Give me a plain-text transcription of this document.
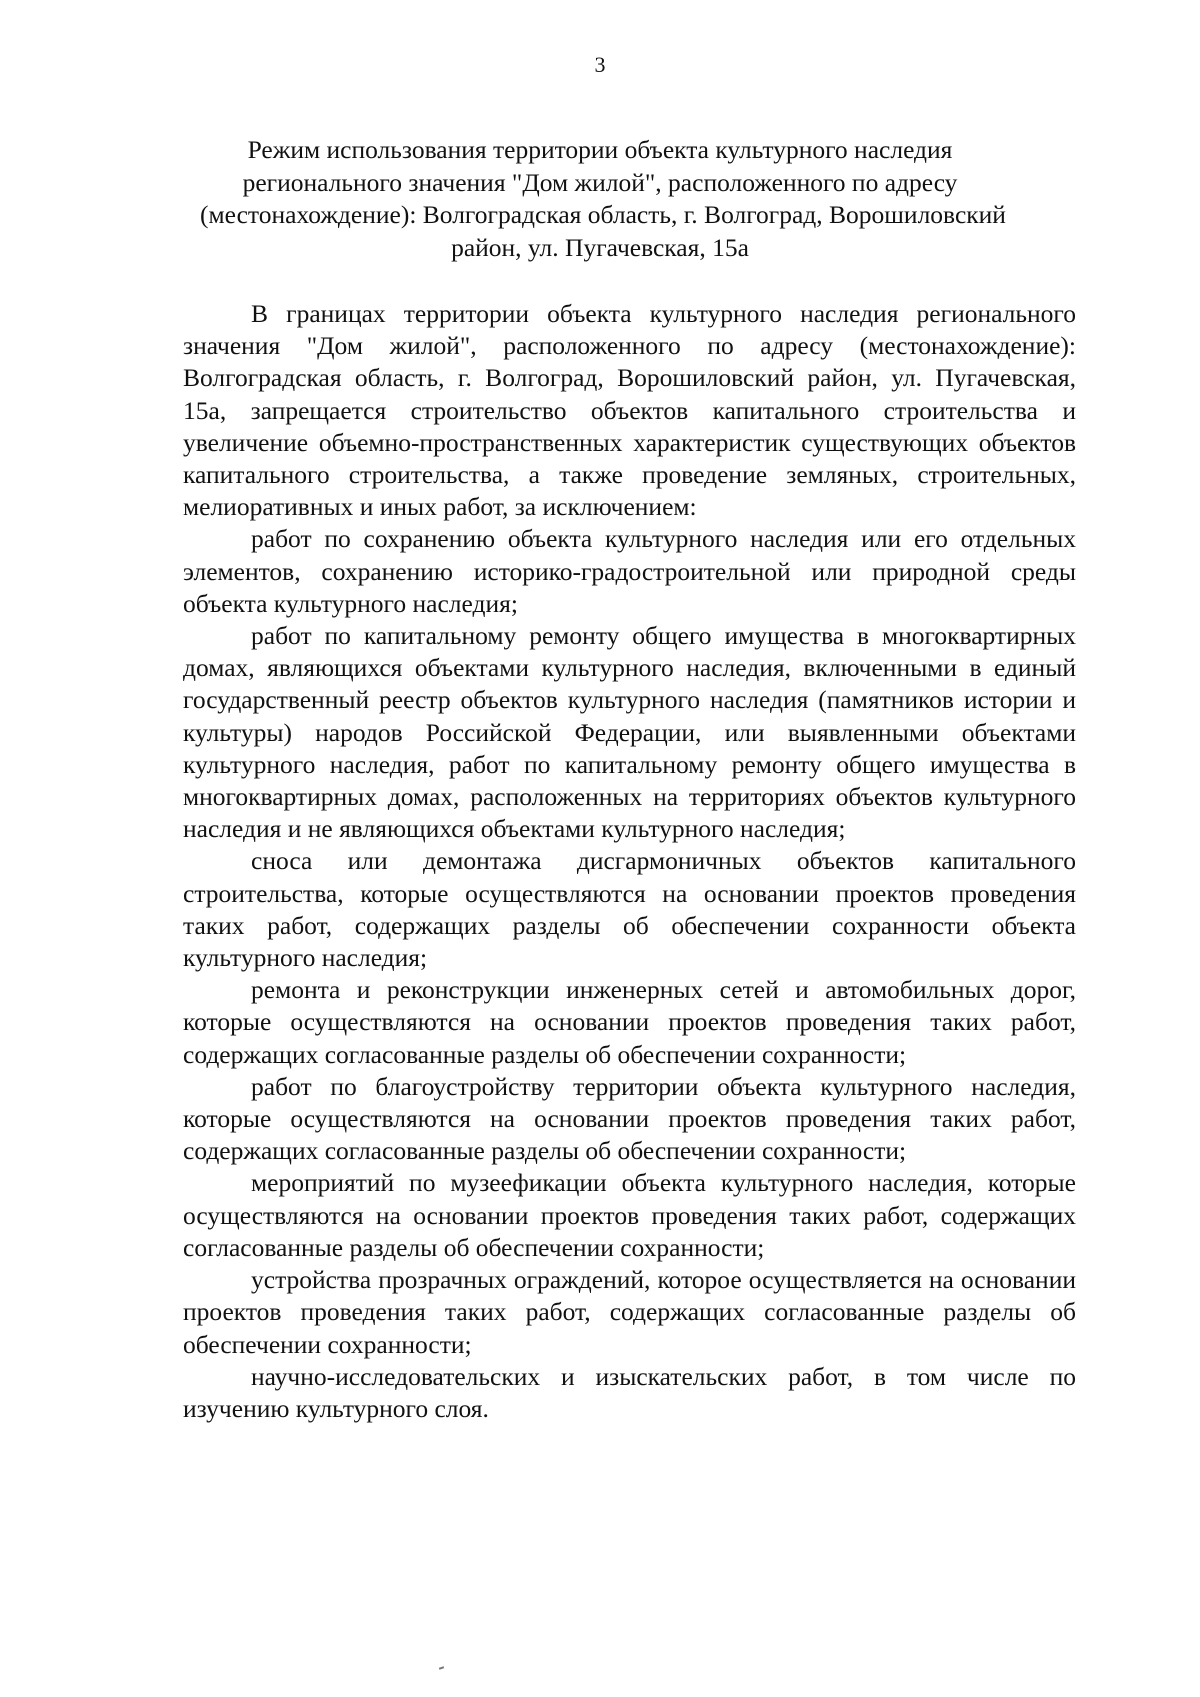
3
Режим использования территории объекта культурного наследия
регионального значения "Дом жилой", расположенного по адресу
(местонахождение): Волгоградская область, г. Волгоград, Ворошиловский
район, ул. Пугачевская, 15а

В границах территории объекта культурного наследия регионального значения "Дом жилой", расположенного по адресу (местонахождение): Волгоградская область, г. Волгоград, Ворошиловский район, ул. Пугачевская, 15а, запрещается строительство объектов капитального строительства и увеличение объемно-пространственных характеристик существующих объектов капитального строительства, а также проведение земляных, строительных, мелиоративных и иных работ, за исключением:

работ по сохранению объекта культурного наследия или его отдельных элементов, сохранению историко-градостроительной или природной среды объекта культурного наследия;

работ по капитальному ремонту общего имущества в многоквартирных домах, являющихся объектами культурного наследия, включенными в единый государственный реестр объектов культурного наследия (памятников истории и культуры) народов Российской Федерации, или выявленными объектами культурного наследия, работ по капитальному ремонту общего имущества в многоквартирных домах, расположенных на территориях объектов культурного наследия и не являющихся объектами культурного наследия;

сноса или демонтажа дисгармоничных объектов капитального строительства, которые осуществляются на основании проектов проведения таких работ, содержащих разделы об обеспечении сохранности объекта культурного наследия;

ремонта и реконструкции инженерных сетей и автомобильных дорог, которые осуществляются на основании проектов проведения таких работ, содержащих согласованные разделы об обеспечении сохранности;

работ по благоустройству территории объекта культурного наследия, которые осуществляются на основании проектов проведения таких работ, содержащих согласованные разделы об обеспечении сохранности;

мероприятий по музеефикации объекта культурного наследия, которые осуществляются на основании проектов проведения таких работ, содержащих согласованные разделы об обеспечении сохранности;

устройства прозрачных ограждений, которое осуществляется на основании проектов проведения таких работ, содержащих согласованные разделы об обеспечении сохранности;

научно-исследовательских и изыскательских работ, в том числе по изучению культурного слоя.
